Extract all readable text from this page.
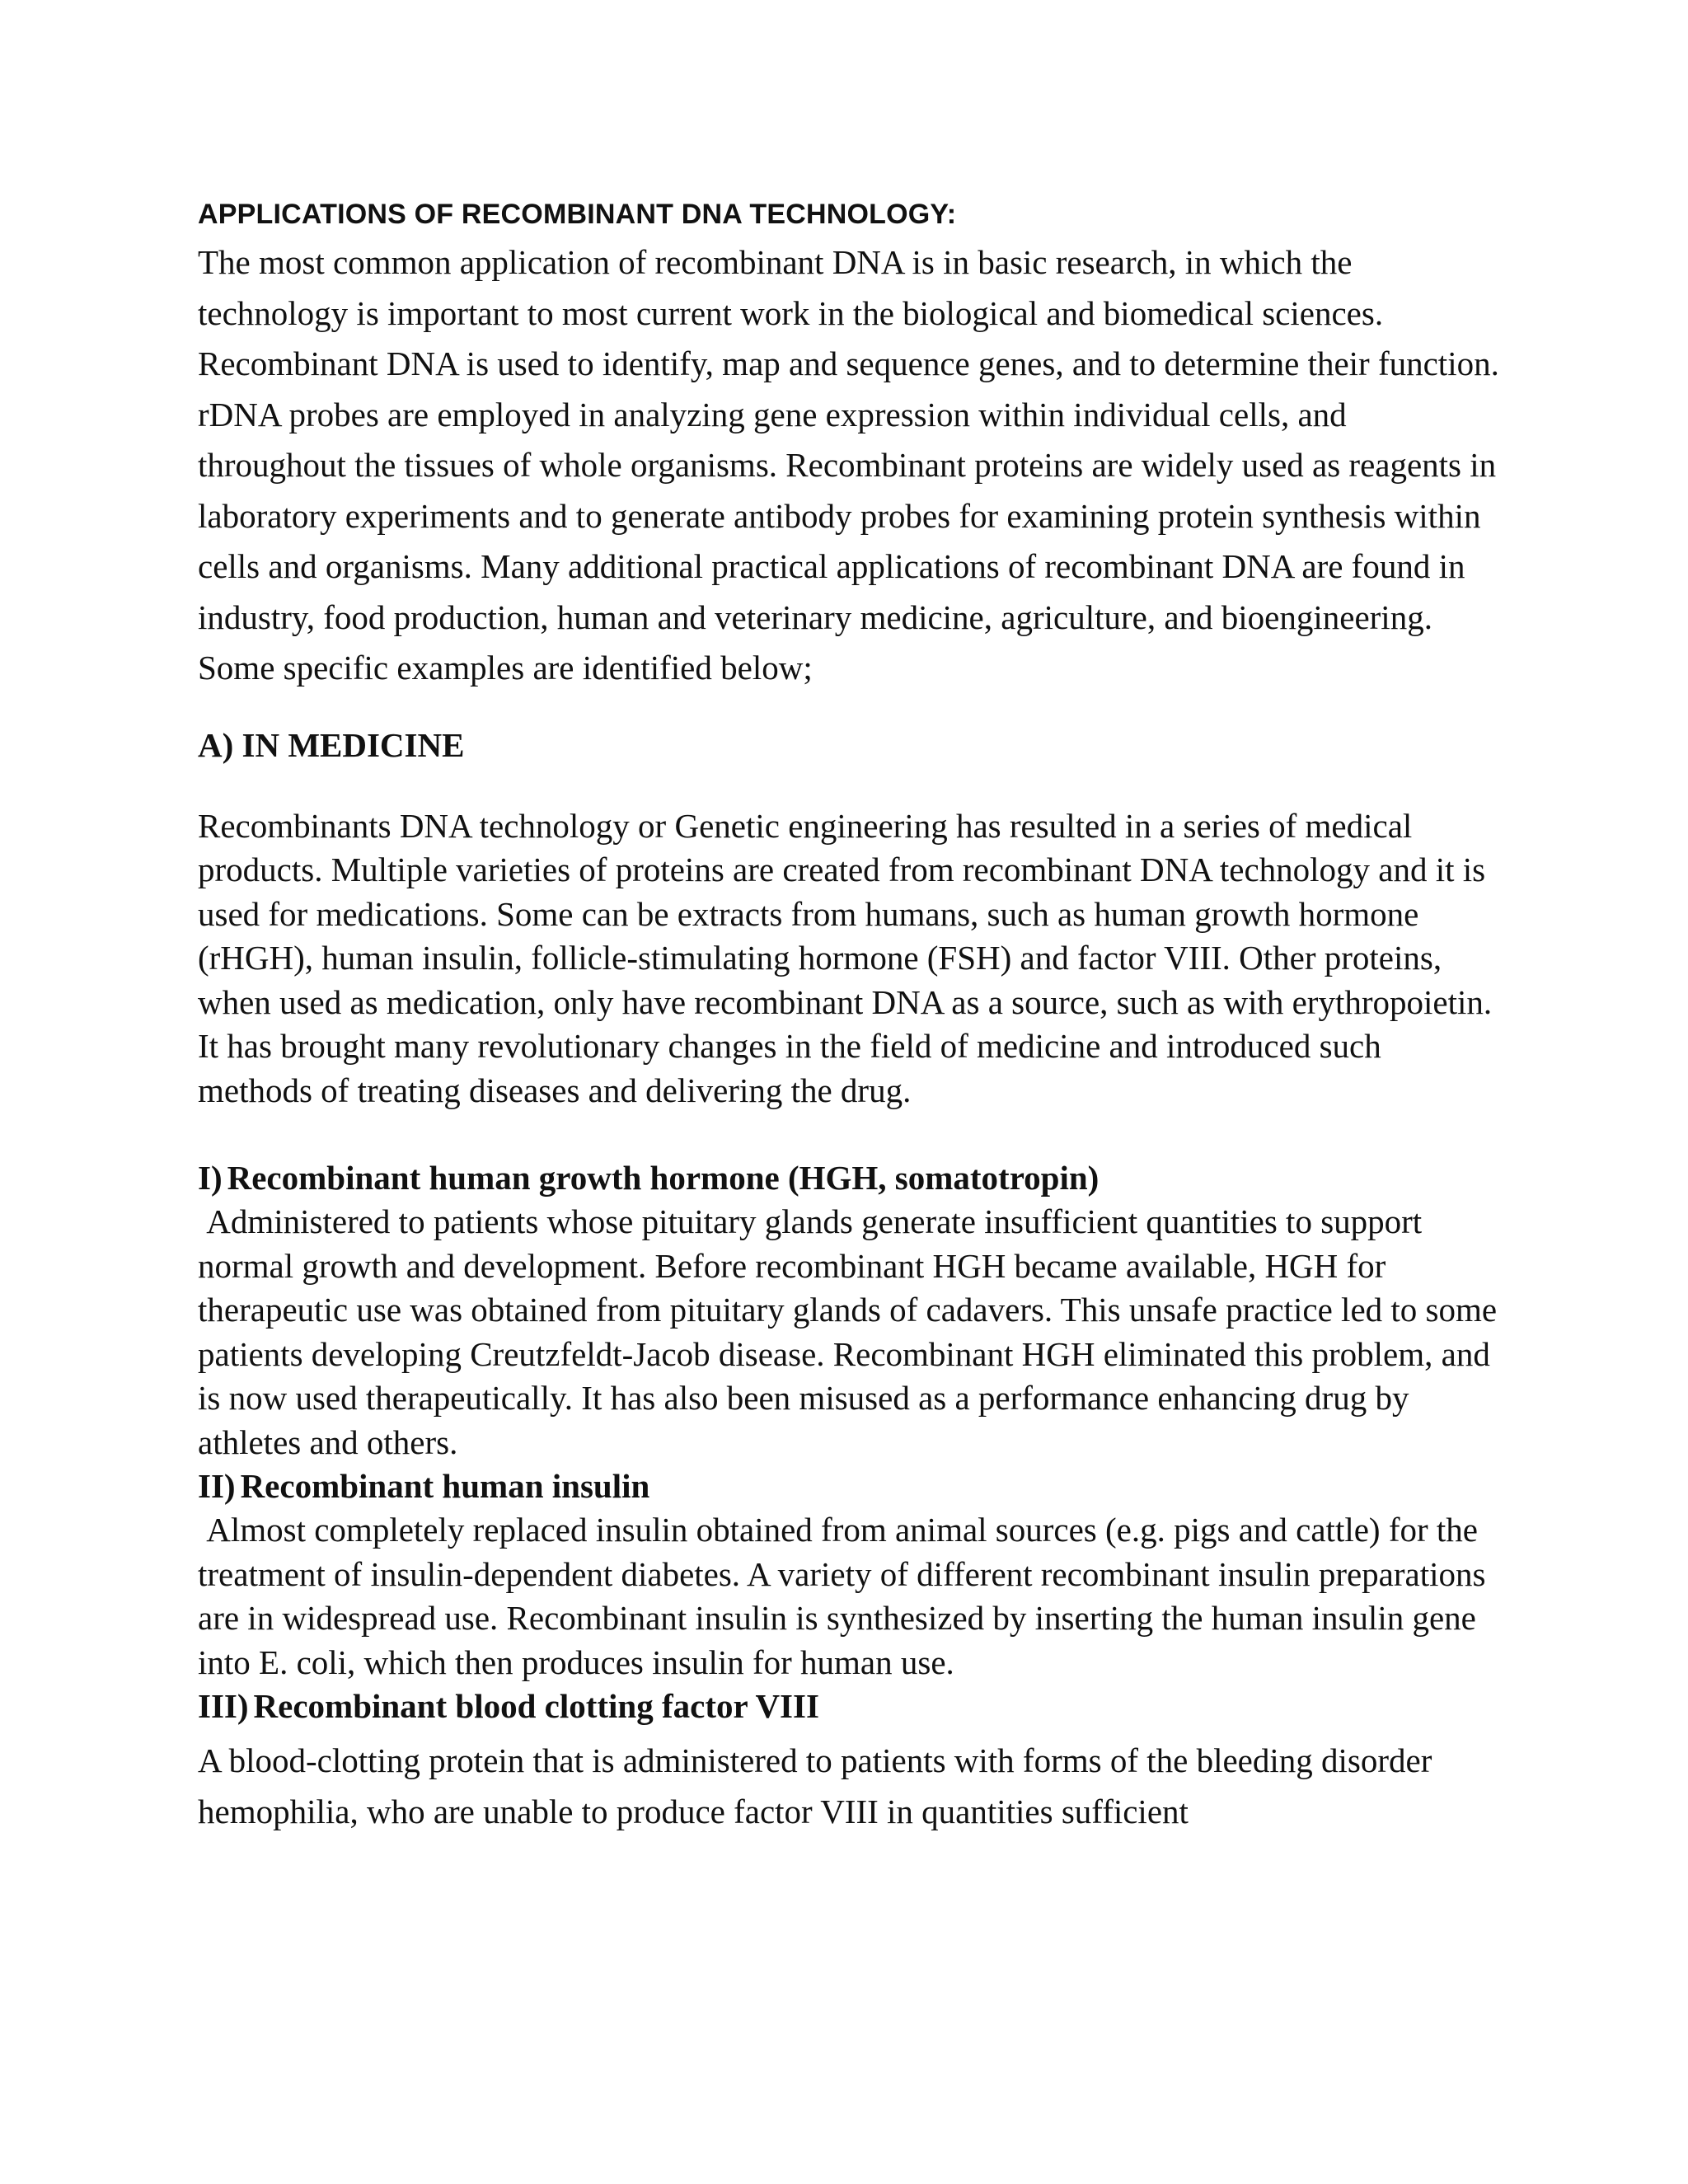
APPLICATIONS OF RECOMBINANT DNA TECHNOLOGY:

The most common application of recombinant DNA is in basic research, in which the technology is important to most current work in the biological and biomedical sciences. Recombinant DNA is used to identify, map and sequence genes, and to determine their function. rDNA probes are employed in analyzing gene expression within individual cells, and throughout the tissues of whole organisms. Recombinant proteins are widely used as reagents in laboratory experiments and to generate antibody probes for examining protein synthesis within cells and organisms. Many additional practical applications of recombinant DNA are found in industry, food production, human and veterinary medicine, agriculture, and bioengineering. Some specific examples are identified below;

A) IN MEDICINE

Recombinants DNA technology or Genetic engineering has resulted in a series of medical products. Multiple varieties of proteins are created from recombinant DNA technology and it is used for medications. Some can be extracts from humans, such as human growth hormone (rHGH), human insulin, follicle-stimulating hormone (FSH) and factor VIII. Other proteins, when used as medication, only have recombinant DNA as a source, such as with erythropoietin. It has brought many revolutionary changes in the field of medicine and introduced such methods of treating diseases and delivering the drug.

I) Recombinant human growth hormone (HGH, somatotropin)

Administered to patients whose pituitary glands generate insufficient quantities to support normal growth and development. Before recombinant HGH became available, HGH for therapeutic use was obtained from pituitary glands of cadavers. This unsafe practice led to some patients developing Creutzfeldt-Jacob disease. Recombinant HGH eliminated this problem, and is now used therapeutically. It has also been misused as a performance enhancing drug by athletes and others.

II) Recombinant human insulin

Almost completely replaced insulin obtained from animal sources (e.g. pigs and cattle) for the treatment of insulin-dependent diabetes. A variety of different recombinant insulin preparations are in widespread use. Recombinant insulin is synthesized by inserting the human insulin gene into E. coli, which then produces insulin for human use.

III) Recombinant blood clotting factor VIII

A blood-clotting protein that is administered to patients with forms of the bleeding disorder hemophilia, who are unable to produce factor VIII in quantities sufficient
